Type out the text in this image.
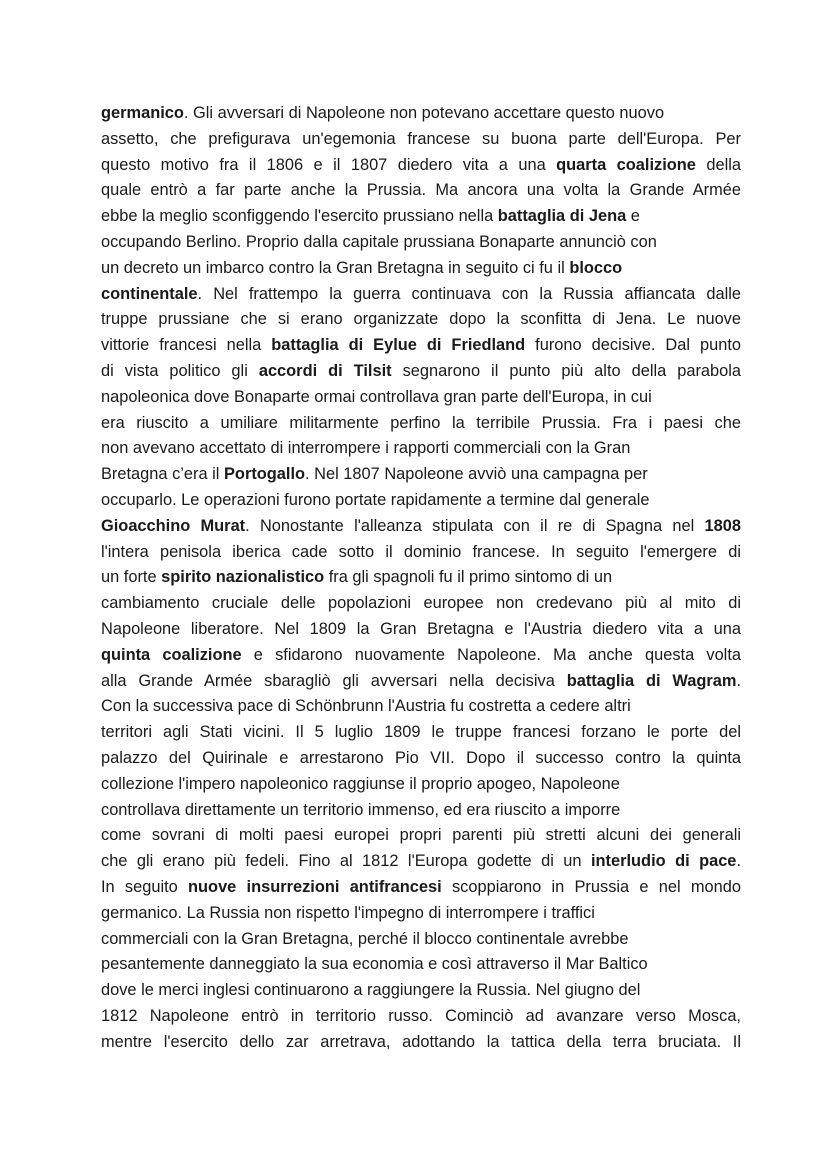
germanico. Gli avversari di Napoleone non potevano accettare questo nuovo
assetto, che prefigurava un'egemonia francese su buona parte dell'Europa. Per
questo motivo fra il 1806 e il 1807 diedero vita a una quarta coalizione della
quale entrò a far parte anche la Prussia. Ma ancora una volta la Grande Armée
ebbe la meglio sconfiggendo l'esercito prussiano nella battaglia di Jena e
occupando Berlino. Proprio dalla capitale prussiana Bonaparte annunciò con
un decreto un imbarco contro la Gran Bretagna in seguito ci fu il blocco
continentale. Nel frattempo la guerra continuava con la Russia affiancata dalle
truppe prussiane che si erano organizzate dopo la sconfitta di Jena. Le nuove
vittorie francesi nella battaglia di Eylue di Friedland furono decisive. Dal punto
di vista politico gli accordi di Tilsit segnarono il punto più alto della parabola
napoleonica dove Bonaparte ormai controllava gran parte dell'Europa, in cui
era riuscito a umiliare militarmente perfino la terribile Prussia. Fra i paesi che
non avevano accettato di interrompere i rapporti commerciali con la Gran
Bretagna c’era il Portogallo. Nel 1807 Napoleone avviò una campagna per
occuparlo. Le operazioni furono portate rapidamente a termine dal generale
Gioacchino Murat. Nonostante l'alleanza stipulata con il re di Spagna nel 1808
l'intera penisola iberica cade sotto il dominio francese. In seguito l'emergere di
un forte spirito nazionalistico fra gli spagnoli fu il primo sintomo di un
cambiamento cruciale delle popolazioni europee non credevano più al mito di
Napoleone liberatore. Nel 1809 la Gran Bretagna e l'Austria diedero vita a una
quinta coalizione e sfidarono nuovamente Napoleone. Ma anche questa volta
alla Grande Armée sbaragliò gli avversari nella decisiva battaglia di Wagram.
Con la successiva pace di Schönbrunn l'Austria fu costretta a cedere altri
territori agli Stati vicini. Il 5 luglio 1809 le truppe francesi forzano le porte del
palazzo del Quirinale e arrestarono Pio VII. Dopo il successo contro la quinta
collezione l'impero napoleonico raggiunse il proprio apogeo, Napoleone
controllava direttamente un territorio immenso, ed era riuscito a imporre
come sovrani di molti paesi europei propri parenti più stretti alcuni dei generali
che gli erano più fedeli. Fino al 1812 l'Europa godette di un interludio di pace.
In seguito nuove insurrezioni antifrancesi scoppiarono in Prussia e nel mondo
germanico. La Russia non rispetto l'impegno di interrompere i traffici
commerciali con la Gran Bretagna, perché il blocco continentale avrebbe
pesantemente danneggiato la sua economia e così attraverso il Mar Baltico
dove le merci inglesi continuarono a raggiungere la Russia. Nel giugno del
1812 Napoleone entrò in territorio russo. Cominciò ad avanzare verso Mosca,
mentre l'esercito dello zar arretrava, adottando la tattica della terra bruciata. Il
